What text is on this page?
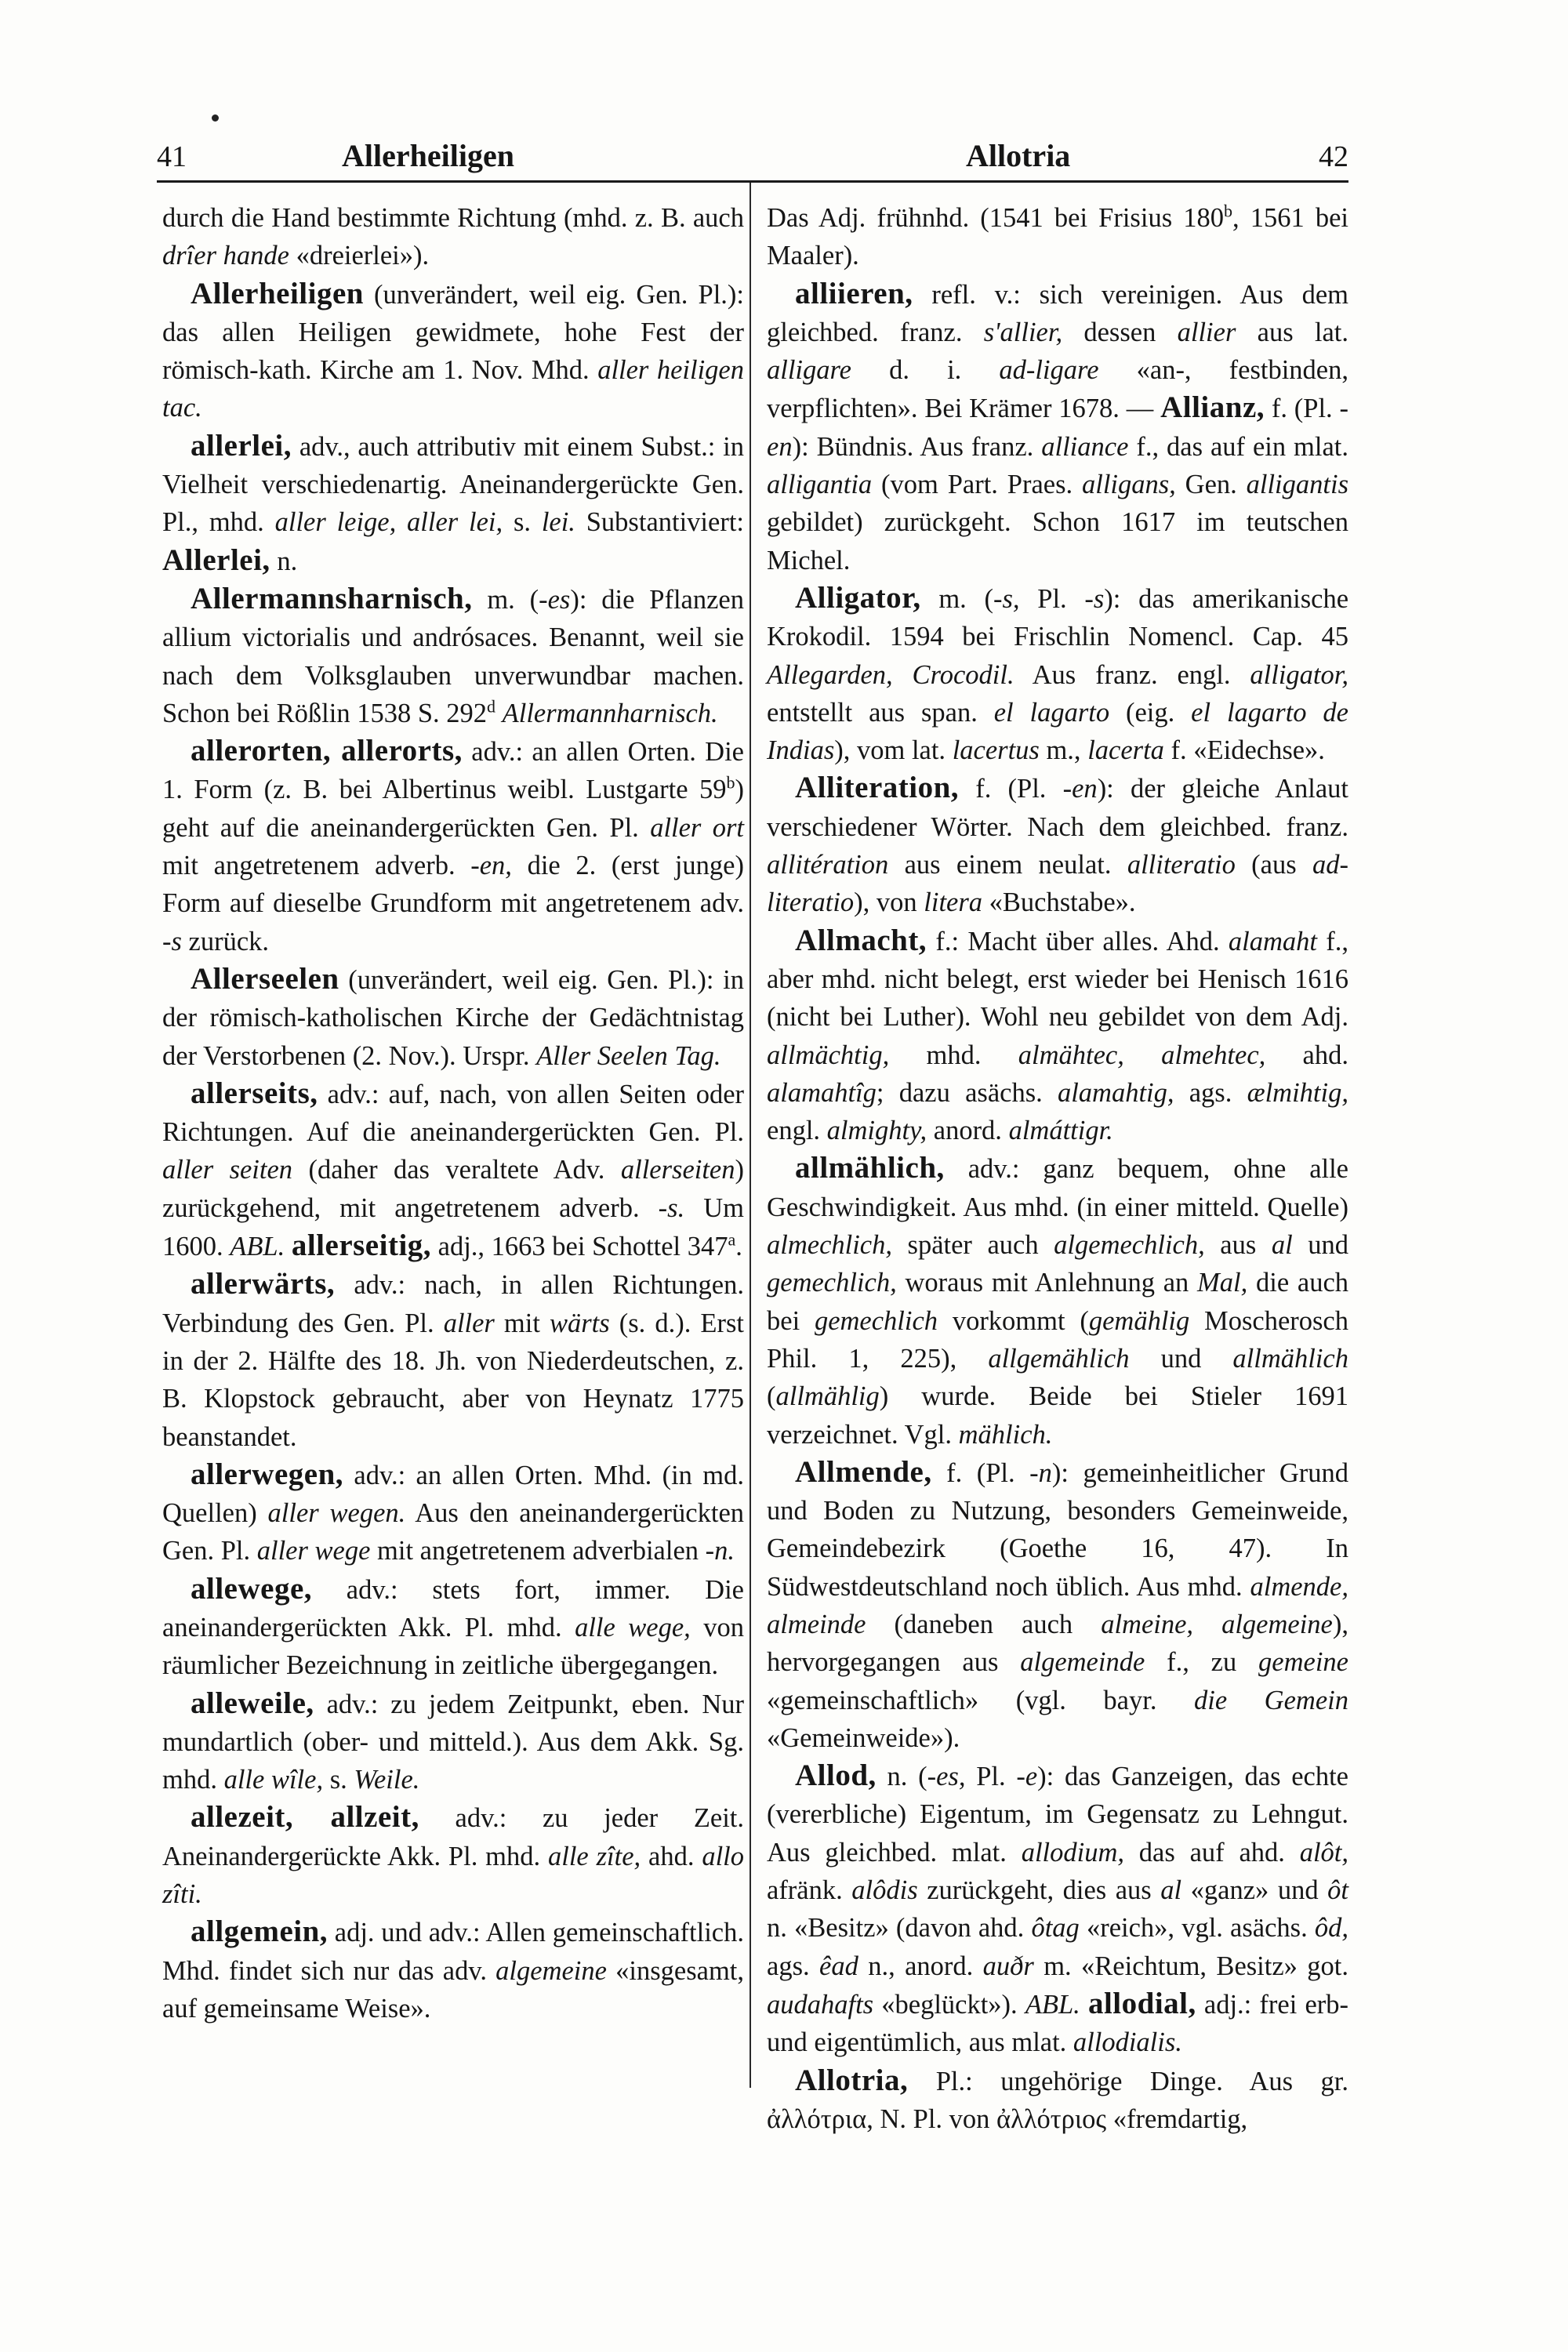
41	Allerheiligen	Allotria	42

durch die Hand bestimmte Richtung (mhd. z. B. auch drîer hande «dreierlei»).

Allerheiligen (unverändert, weil eig. Gen. Pl.): das allen Heiligen gewidmete, hohe Fest der römisch-kath. Kirche am 1. Nov. Mhd. aller heiligen tac.

allerlei, adv., auch attributiv mit einem Subst.: in Vielheit verschiedenartig. Aneinandergerückte Gen. Pl., mhd. aller leige, aller lei, s. lei. Substantiviert: Allerlei, n.

Allermannsharnisch, m. (-es): die Pflanzen allium victorialis und andrósaces. Benannt, weil sie nach dem Volksglauben unverwundbar machen. Schon bei Rößlin 1538 S. 292$^d$ Allermannharnisch.

allerorten, allerorts, adv.: an allen Orten. Die 1. Form (z. B. bei Albertinus weibl. Lustgarte 59$^b$) geht auf die aneinandergerückten Gen. Pl. aller ort mit angetretenem adverb. -en, die 2. (erst junge) Form auf dieselbe Grundform mit angetretenem adv. -s zurück.

Allerseelen (unverändert, weil eig. Gen. Pl.): in der römisch-katholischen Kirche der Gedächtnistag der Verstorbenen (2. Nov.). Urspr. Aller Seelen Tag.

allerseits, adv.: auf, nach, von allen Seiten oder Richtungen. Auf die aneinandergerückten Gen. Pl. aller seiten (daher das veraltete Adv. allerseiten) zurückgehend, mit angetretenem adverb. -s. Um 1600. ABL. allerseitig, adj., 1663 bei Schottel 347$^a$.

allerwärts, adv.: nach, in allen Richtungen. Verbindung des Gen. Pl. aller mit wärts (s. d.). Erst in der 2. Hälfte des 18. Jh. von Niederdeutschen, z. B. Klopstock gebraucht, aber von Heynatz 1775 beanstandet.

allerwegen, adv.: an allen Orten. Mhd. (in md. Quellen) aller wegen. Aus den aneinandergerückten Gen. Pl. aller wege mit angetretenem adverbialen -n.

allewege, adv.: stets fort, immer. Die aneinandergerückten Akk. Pl. mhd. alle wege, von räumlicher Bezeichnung in zeitliche übergegangen.

alleweile, adv.: zu jedem Zeitpunkt, eben. Nur mundartlich (ober- und mitteld.). Aus dem Akk. Sg. mhd. alle wîle, s. Weile.

allezeit, allzeit, adv.: zu jeder Zeit. Aneinandergerückte Akk. Pl. mhd. alle zîte, ahd. allo zîti.

allgemein, adj. und adv.: Allen gemeinschaftlich. Mhd. findet sich nur das adv. algemeine «insgesamt, auf gemeinsame Weise».

Das Adj. frühnhd. (1541 bei Frisius 180$^b$, 1561 bei Maaler).

alliieren, refl. v.: sich vereinigen. Aus dem gleichbed. franz. s'allier, dessen allier aus lat. alligare d. i. ad-ligare «an-, festbinden, verpflichten». Bei Krämer 1678. — Allianz, f. (Pl. -en): Bündnis. Aus franz. alliance f., das auf ein mlat. alligantia (vom Part. Praes. alligans, Gen. alligantis gebildet) zurückgeht. Schon 1617 im teutschen Michel.

Alligator, m. (-s, Pl. -s): das amerikanische Krokodil. 1594 bei Frischlin Nomencl. Cap. 45 Allegarden, Crocodil. Aus franz. engl. alligator, entstellt aus span. el lagarto (eig. el lagarto de Indias), vom lat. lacertus m., lacerta f. «Eidechse».

Alliteration, f. (Pl. -en): der gleiche Anlaut verschiedener Wörter. Nach dem gleichbed. franz. allitération aus einem neulat. alliteratio (aus ad-literatio), von litera «Buchstabe».

Allmacht, f.: Macht über alles. Ahd. alamaht f., aber mhd. nicht belegt, erst wieder bei Henisch 1616 (nicht bei Luther). Wohl neu gebildet von dem Adj. allmächtig, mhd. almähtec, almehtec, ahd. alamahtîg; dazu asächs. alamahtig, ags. ælmihtig, engl. almighty, anord. almáttigr.

allmählich, adv.: ganz bequem, ohne alle Geschwindigkeit. Aus mhd. (in einer mitteld. Quelle) almechlich, später auch algemechlich, aus al und gemechlich, woraus mit Anlehnung an Mal, die auch bei gemechlich vorkommt (gemählig Moscherosch Phil. 1, 225), allgemählich und allmählich (allmählig) wurde. Beide bei Stieler 1691 verzeichnet. Vgl. mählich.

Allmende, f. (Pl. -n): gemeinheitlicher Grund und Boden zu Nutzung, besonders Gemeinweide, Gemeindebezirk (Goethe 16, 47). In Südwestdeutschland noch üblich. Aus mhd. almende, almeinde (daneben auch almeine, algemeine), hervorgegangen aus algemeinde f., zu gemeine «gemeinschaftlich» (vgl. bayr. die Gemein «Gemeinweide»).

Allod, n. (-es, Pl. -e): das Ganzeigen, das echte (vererbliche) Eigentum, im Gegensatz zu Lehngut. Aus gleichbed. mlat. allodium, das auf ahd. alôt, afränk. alôdis zurückgeht, dies aus al «ganz» und ôt n. «Besitz» (davon ahd. ôtag «reich», vgl. asächs. ôd, ags. êad n., anord. auðr m. «Reichtum, Besitz» got. audahafts «beglückt»). ABL. allodial, adj.: frei erb- und eigentümlich, aus mlat. allodialis.

Allotria, Pl.: ungehörige Dinge. Aus gr. ἀλλότρια, N. Pl. von ἀλλότριος «fremdartig,
